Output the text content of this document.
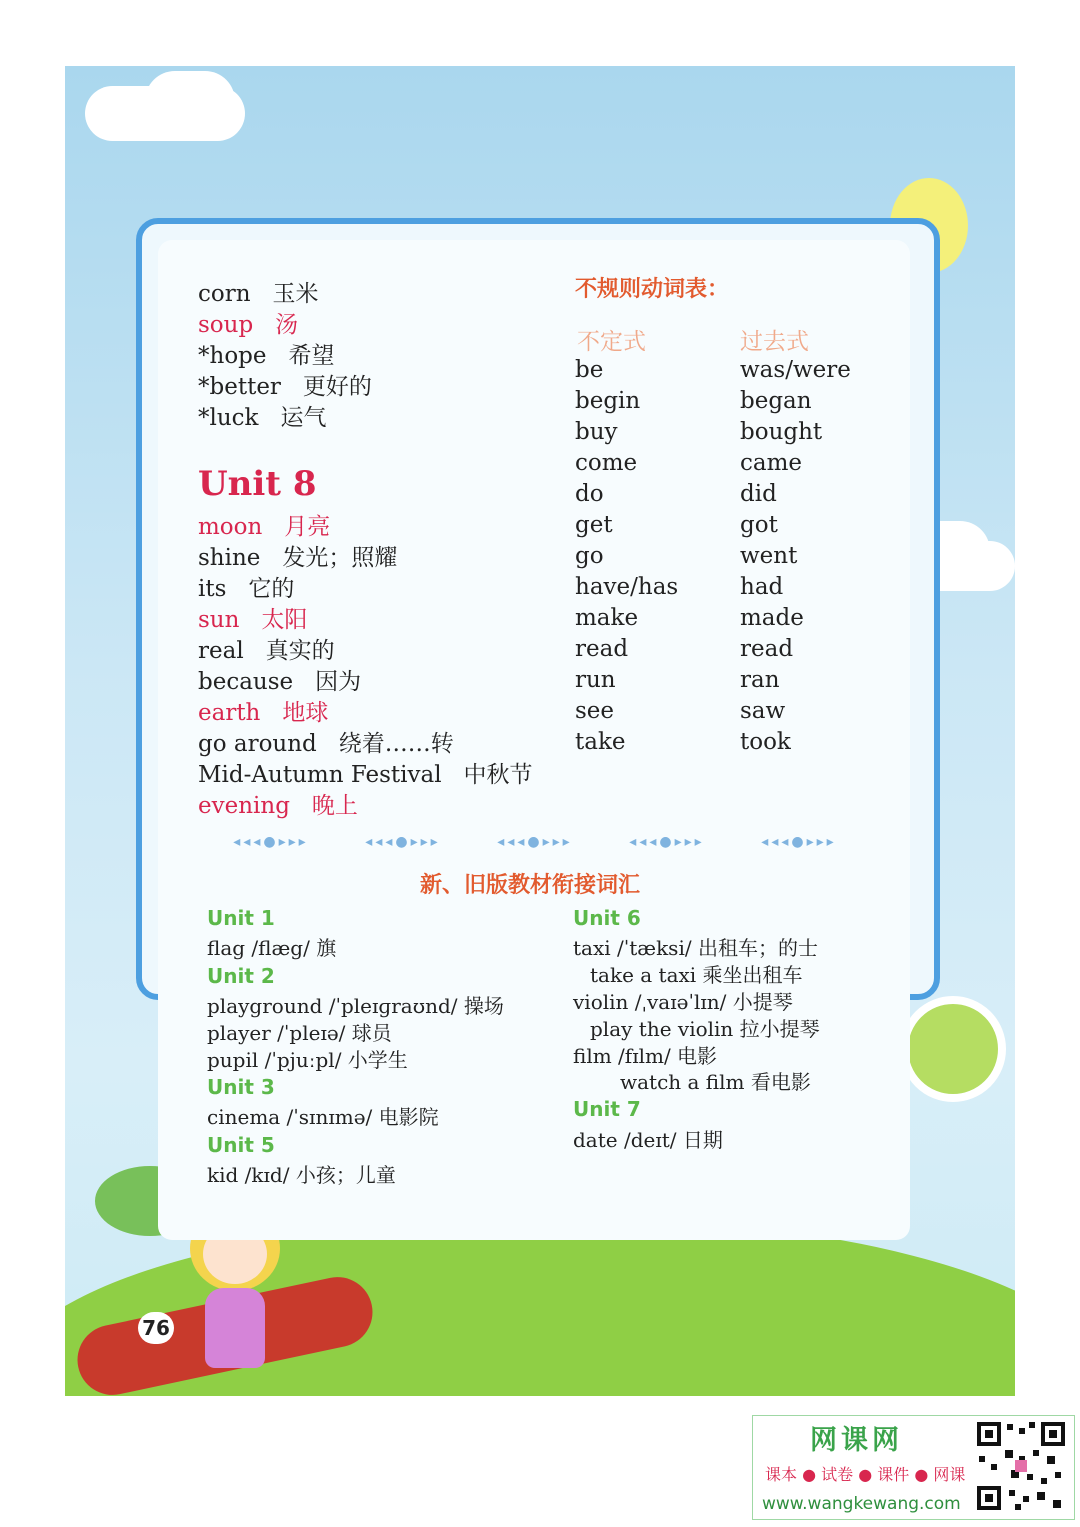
corn 玉米
soup 汤
*hope 希望
*better 更好的
*luck 运气
Unit 8
moon 月亮
shine 发光；照耀
its 它的
sun 太阳
real 真实的
because 因为
earth 地球
go around 绕着……转
Mid-Autumn Festival 中秋节
evening 晚上
不规则动词表：
不定式	过去式
be	was/were
begin	began
buy	bought
come	came
do	did
get	got
go	went
have/has	had
make	made
read	read
run	ran
see	saw
take	took
◂◂◂●▸▸▸	◂◂◂●▸▸▸	◂◂◂●▸▸▸	◂◂◂●▸▸▸	◂◂◂●▸▸▸
新、旧版教材衔接词汇
Unit 1
flag /flæg/ 旗
Unit 2
playground /ˈpleɪɡraʊnd/ 操场
player /ˈpleɪə/ 球员
pupil /ˈpjuːpl/ 小学生
Unit 3
cinema /ˈsɪnɪmə/ 电影院
Unit 5
kid /kɪd/ 小孩；儿童
Unit 6
taxi /ˈtæksi/ 出租车；的士
take a taxi 乘坐出租车
violin /ˌvaɪəˈlɪn/ 小提琴
play the violin 拉小提琴
film /fɪlm/ 电影
watch a film 看电影
Unit 7
date /deɪt/ 日期
76
网课网
课本 ● 试卷 ● 课件 ● 网课
www.wangkewang.com
